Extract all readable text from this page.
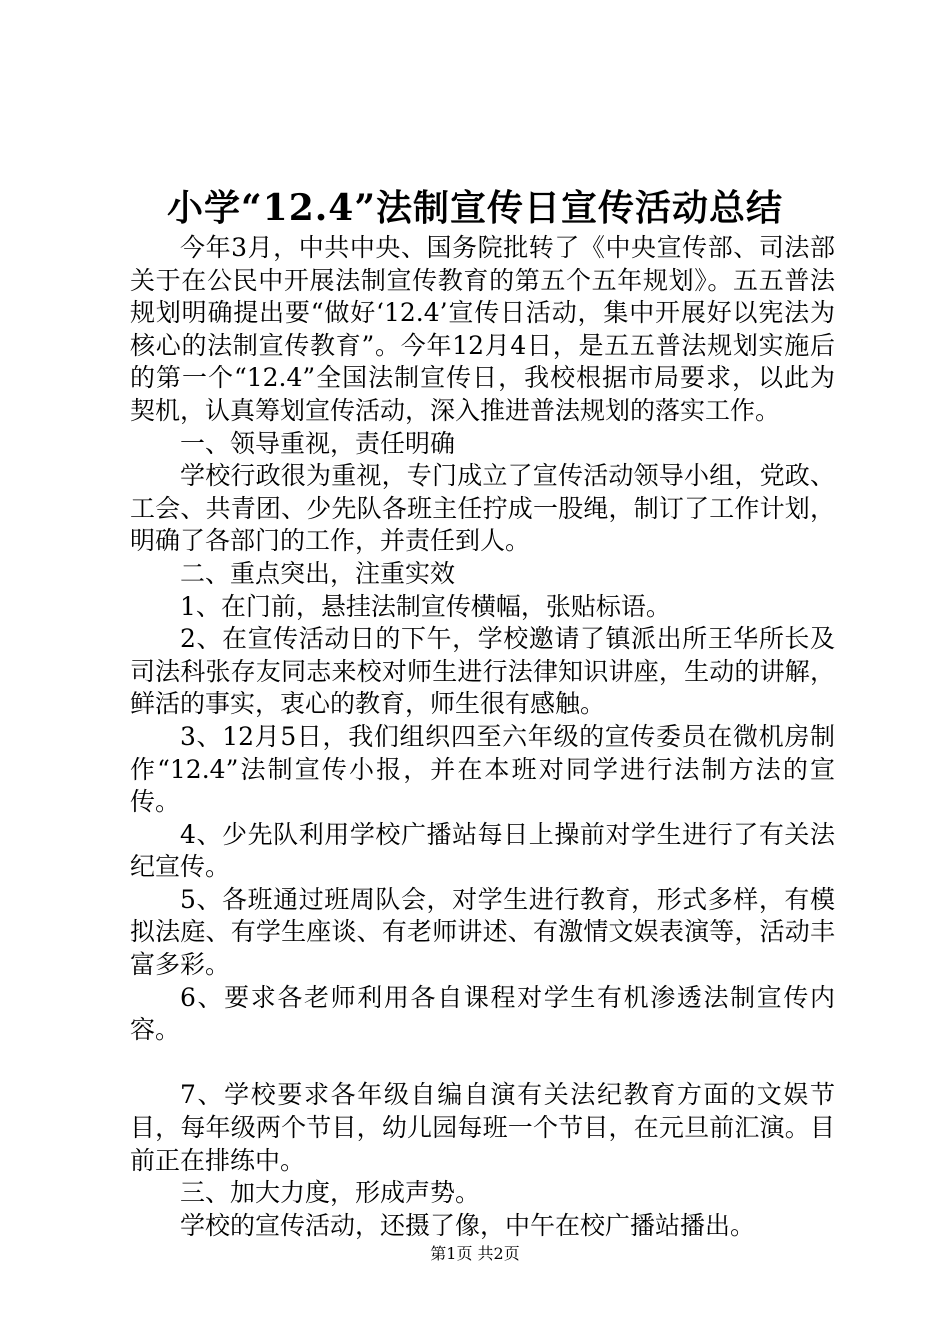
小学“12.4”法制宣传日宣传活动总结

今年3月，中共中央、国务院批转了《中央宣传部、司法部关于在公民中开展法制宣传教育的第五个五年规划》。五五普法规划明确提出要“做好‘12.4’宣传日活动，集中开展好以宪法为核心的法制宣传教育”。今年12月4日，是五五普法规划实施后的第一个“12.4”全国法制宣传日，我校根据市局要求，以此为契机，认真筹划宣传活动，深入推进普法规划的落实工作。

一、领导重视，责任明确

学校行政很为重视，专门成立了宣传活动领导小组，党政、工会、共青团、少先队各班主任拧成一股绳，制订了工作计划，明确了各部门的工作，并责任到人。

二、重点突出，注重实效

1、在门前，悬挂法制宣传横幅，张贴标语。

2、在宣传活动日的下午，学校邀请了镇派出所王华所长及司法科张存友同志来校对师生进行法律知识讲座，生动的讲解，鲜活的事实，衷心的教育，师生很有感触。

3、12月5日，我们组织四至六年级的宣传委员在微机房制作“12.4”法制宣传小报，并在本班对同学进行法制方法的宣传。

4、少先队利用学校广播站每日上操前对学生进行了有关法纪宣传。

5、各班通过班周队会，对学生进行教育，形式多样，有模拟法庭、有学生座谈、有老师讲述、有激情文娱表演等，活动丰富多彩。

6、要求各老师利用各自课程对学生有机渗透法制宣传内容。

7、学校要求各年级自编自演有关法纪教育方面的文娱节目，每年级两个节目，幼儿园每班一个节目，在元旦前汇演。目前正在排练中。

三、加大力度，形成声势。

学校的宣传活动，还摄了像，中午在校广播站播出。

第1页 共2页
